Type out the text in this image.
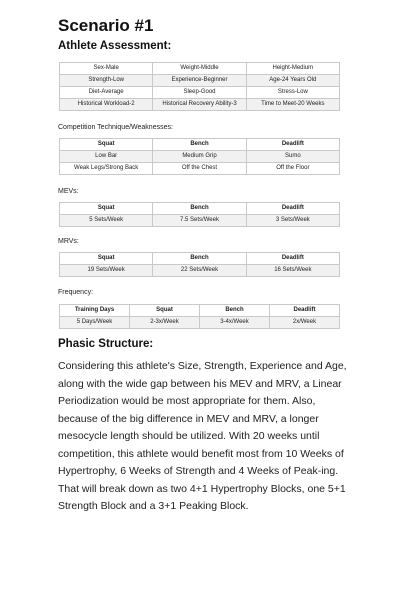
Scenario #1
Athlete Assessment:
Sex-Male	Weight-Middle	Height-Medium
Strength-Low	Experience-Beginner	Age-24 Years Old
Diet-Average	Sleep-Good	Stress-Low
Historical Workload-2	Historical Recovery Ability-3	Time to Meet-20 Weeks
Competition Technique/Weaknesses:
Squat	Bench	Deadlift
Low Bar	Medium Grip	Sumo
Weak Legs/Strong Back	Off the Chest	Off the Floor
MEVs:
Squat	Bench	Deadlift
5 Sets/Week	7.5 Sets/Week	3 Sets/Week
MRVs:
Squat	Bench	Deadlift
19 Sets/Week	22 Sets/Week	16 Sets/Week
Frequency:
Training Days	Squat	Bench	Deadlift
5 Days/Week	2-3x/Week	3-4x/Week	2x/Week
Phasic Structure:

Considering this athlete's Size, Strength, Experience and Age, along with the wide gap between his MEV and MRV, a Linear Periodization would be most appropriate for them. Also, because of the big difference in MEV and MRV, a longer mesocycle length should be utilized. With 20 weeks until competition, this athlete would benefit most from 10 Weeks of Hypertrophy, 6 Weeks of Strength and 4 Weeks of Peak-ing. That will break down as two 4+1 Hypertrophy Blocks, one 5+1 Strength Block and a 3+1 Peaking Block.
